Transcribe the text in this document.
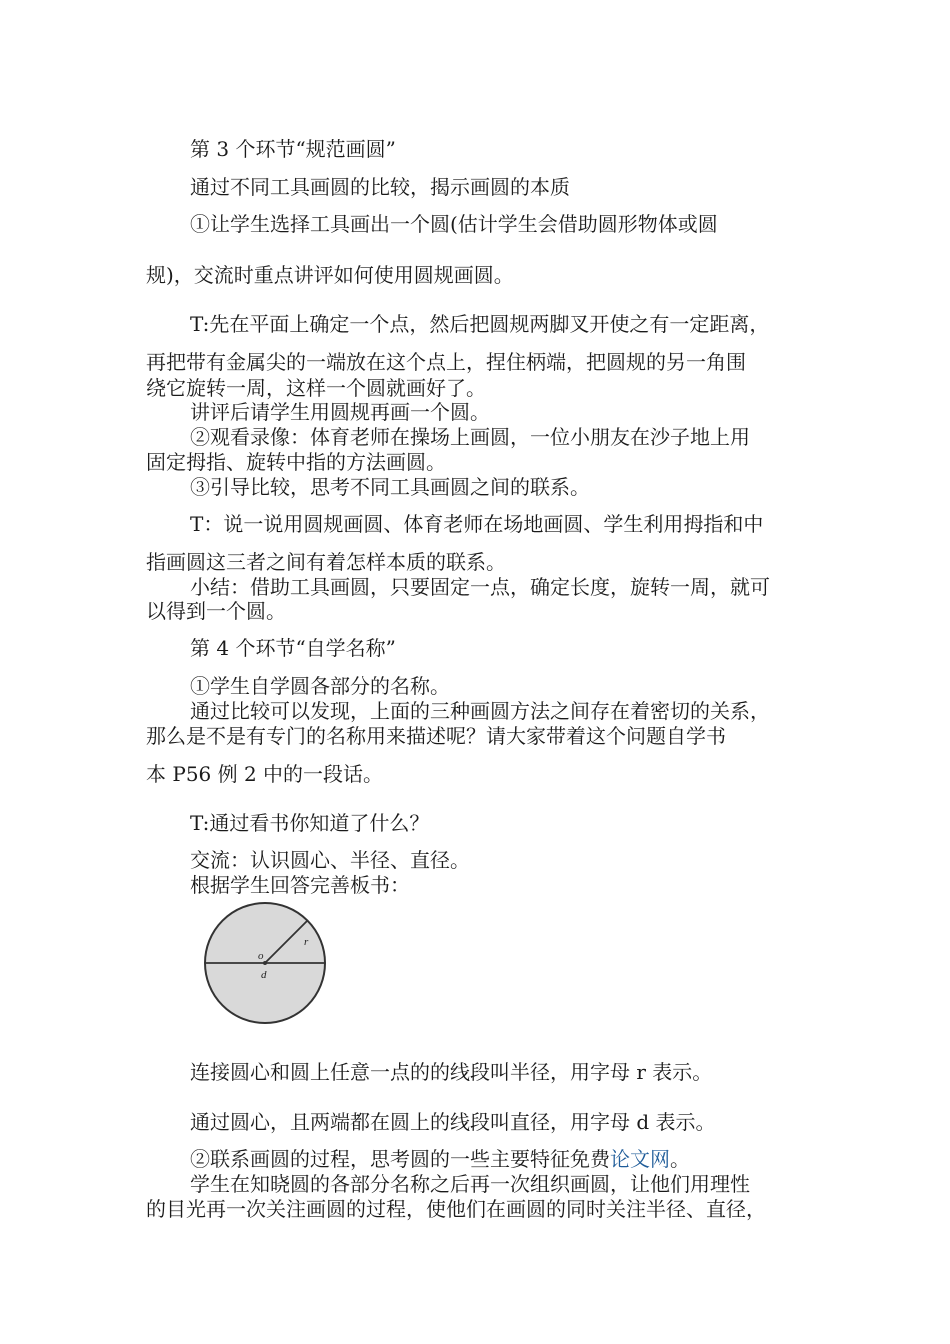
第 3 个环节“规范画圆”
通过不同工具画圆的比较，揭示画圆的本质
①让学生选择工具画出一个圆(估计学生会借助圆形物体或圆
规)，交流时重点讲评如何使用圆规画圆。
T:先在平面上确定一个点，然后把圆规两脚叉开使之有一定距离，
再把带有金属尖的一端放在这个点上，捏住柄端，把圆规的另一角围
绕它旋转一周，这样一个圆就画好了。
讲评后请学生用圆规再画一个圆。
②观看录像：体育老师在操场上画圆，一位小朋友在沙子地上用
固定拇指、旋转中指的方法画圆。
③引导比较，思考不同工具画圆之间的联系。
T：说一说用圆规画圆、体育老师在场地画圆、学生利用拇指和中
指画圆这三者之间有着怎样本质的联系。
小结：借助工具画圆，只要固定一点，确定长度，旋转一周，就可
以得到一个圆。
第 4 个环节“自学名称”
①学生自学圆各部分的名称。
通过比较可以发现，上面的三种画圆方法之间存在着密切的关系，
那么是不是有专门的名称用来描述呢？请大家带着这个问题自学书
本 P56 例 2 中的一段话。
T:通过看书你知道了什么？
交流：认识圆心、半径、直径。
根据学生回答完善板书：
o
r
d
连接圆心和圆上任意一点的的线段叫半径，用字母 r 表示。
通过圆心，且两端都在圆上的线段叫直径，用字母 d 表示。
②联系画圆的过程，思考圆的一些主要特征免费论文网。
学生在知晓圆的各部分名称之后再一次组织画圆，让他们用理性
的目光再一次关注画圆的过程，使他们在画圆的同时关注半径、直径，
